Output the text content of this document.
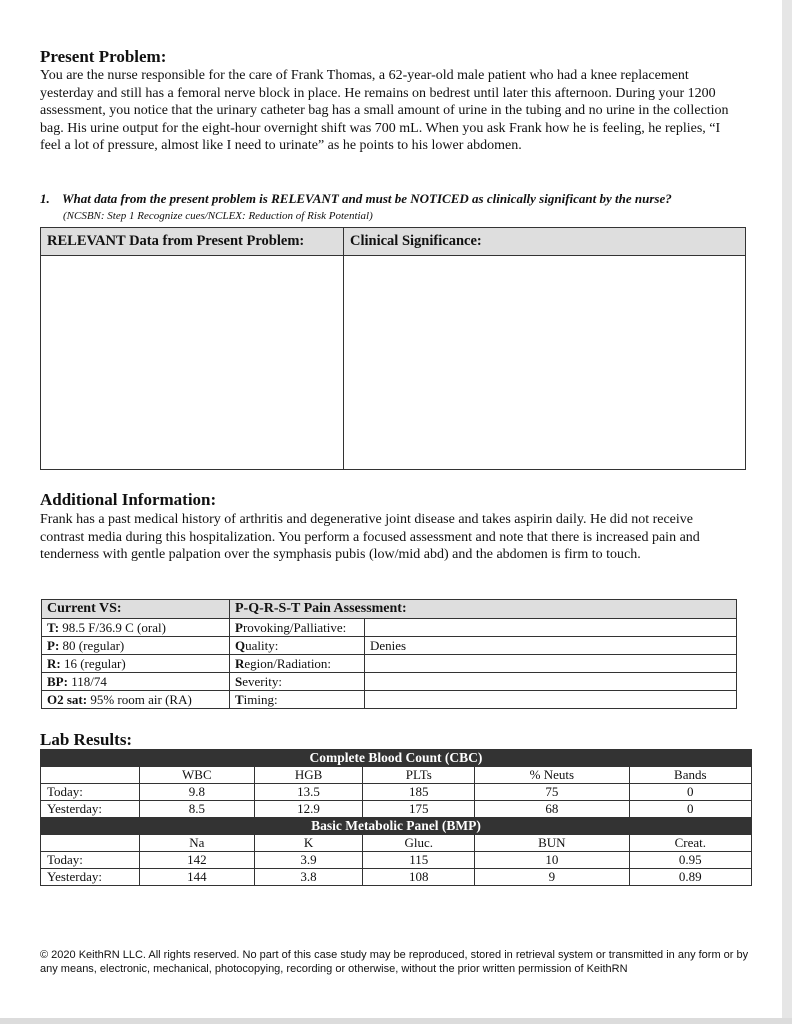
Present Problem:
You are the nurse responsible for the care of Frank Thomas, a 62-year-old male patient who had a knee replacement yesterday and still has a femoral nerve block in place. He remains on bedrest until later this afternoon. During your 1200 assessment, you notice that the urinary catheter bag has a small amount of urine in the tubing and no urine in the collection bag. His urine output for the eight-hour overnight shift was 700 mL. When you ask Frank how he is feeling, he replies, “I feel a lot of pressure, almost like I need to urinate” as he points to his lower abdomen.
1. What data from the present problem is RELEVANT and must be NOTICED as clinically significant by the nurse?
(NCSBN: Step 1 Recognize cues/NCLEX: Reduction of Risk Potential)
RELEVANT Data from Present Problem:	Clinical Significance:
Additional Information:
Frank has a past medical history of arthritis and degenerative joint disease and takes aspirin daily. He did not receive contrast media during this hospitalization. You perform a focused assessment and note that there is increased pain and tenderness with gentle palpation over the symphasis pubis (low/mid abd) and the abdomen is firm to touch.
Current VS:	P-Q-R-S-T Pain Assessment:	
T: 98.5 F/36.9 C (oral)	Provoking/Palliative:	
P: 80 (regular)	Quality:	Denies
R: 16 (regular)	Region/Radiation:	
BP: 118/74	Severity:	
O2 sat: 95% room air (RA)	Timing:	
Lab Results:
Complete Blood Count (CBC)					
	WBC	HGB	PLTs	% Neuts	Bands
Today:	9.8	13.5	185	75	0
Yesterday:	8.5	12.9	175	68	0
Basic Metabolic Panel (BMP)					
	Na	K	Gluc.	BUN	Creat.
Today:	142	3.9	115	10	0.95
Yesterday:	144	3.8	108	9	0.89
© 2020 KeithRN LLC. All rights reserved. No part of this case study may be reproduced, stored in retrieval system or transmitted in any form or by any means, electronic, mechanical, photocopying, recording or otherwise, without the prior written permission of KeithRN
